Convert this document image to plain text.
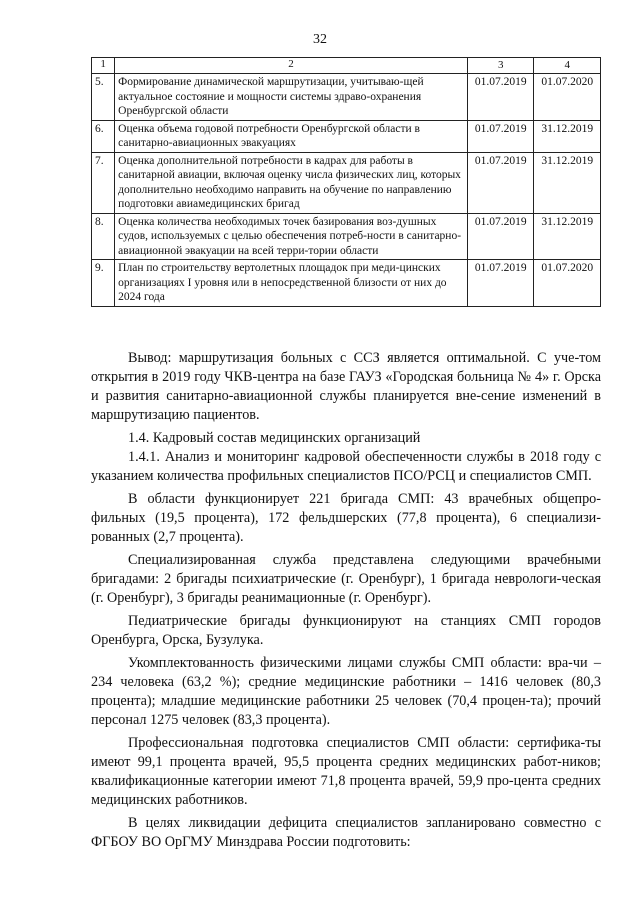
32
1	2	3	4
5.	Формирование динамической маршрутизации, учитываю-щей актуальное состояние и мощности системы здраво-охранения Оренбургской области	01.07.2019	01.07.2020
6.	Оценка объема годовой потребности Оренбургской области в санитарно-авиационных эвакуациях	01.07.2019	31.12.2019
7.	Оценка дополнительной потребности в кадрах для работы в санитарной авиации, включая оценку числа физических лиц, которых дополнительно необходимо направить на обучение по направлению подготовки авиамедицинских бригад	01.07.2019	31.12.2019
8.	Оценка количества необходимых точек базирования воз-душных судов, используемых с целью обеспечения потреб-ности в санитарно-авиационной эвакуации на всей терри-тории области	01.07.2019	31.12.2019
9.	План по строительству вертолетных площадок при меди-цинских организациях I уровня или в непосредственной близости от них до 2024 года	01.07.2019	01.07.2020

Вывод: маршрутизация больных с ССЗ является оптимальной. С уче-том открытия в 2019 году ЧКВ-центра на базе ГАУЗ «Городская больница № 4» г. Орска и развития санитарно-авиационной службы планируется вне-сение изменений в маршрутизацию пациентов.

1.4. Кадровый состав медицинских организаций

1.4.1. Анализ и мониторинг кадровой обеспеченности службы в 2018 году с указанием количества профильных специалистов ПСО/РСЦ и специалистов СМП.

В области функционирует 221 бригада СМП: 43 врачебных общепро-фильных (19,5 процента), 172 фельдшерских (77,8 процента), 6 специализи-рованных (2,7 процента).

Специализированная служба представлена следующими врачебными бригадами: 2 бригады психиатрические (г. Оренбург), 1 бригада неврологи-ческая (г. Оренбург), 3 бригады реанимационные (г. Оренбург).

Педиатрические бригады функционируют на станциях СМП городов Оренбурга, Орска, Бузулука.

Укомплектованность физическими лицами службы СМП области: вра-чи –234 человека (63,2 %); средние медицинские работники – 1416 человек (80,3 процента); младшие медицинские работники 25 человек (70,4 процен-та); прочий персонал 1275 человек (83,3 процента).

Профессиональная подготовка специалистов СМП области: сертифика-ты имеют 99,1 процента врачей, 95,5 процента средних медицинских работ-ников; квалификационные категории имеют 71,8 процента врачей, 59,9 про-цента средних медицинских работников.

В целях ликвидации дефицита специалистов запланировано совместно с ФГБОУ ВО ОрГМУ Минздрава России подготовить:
